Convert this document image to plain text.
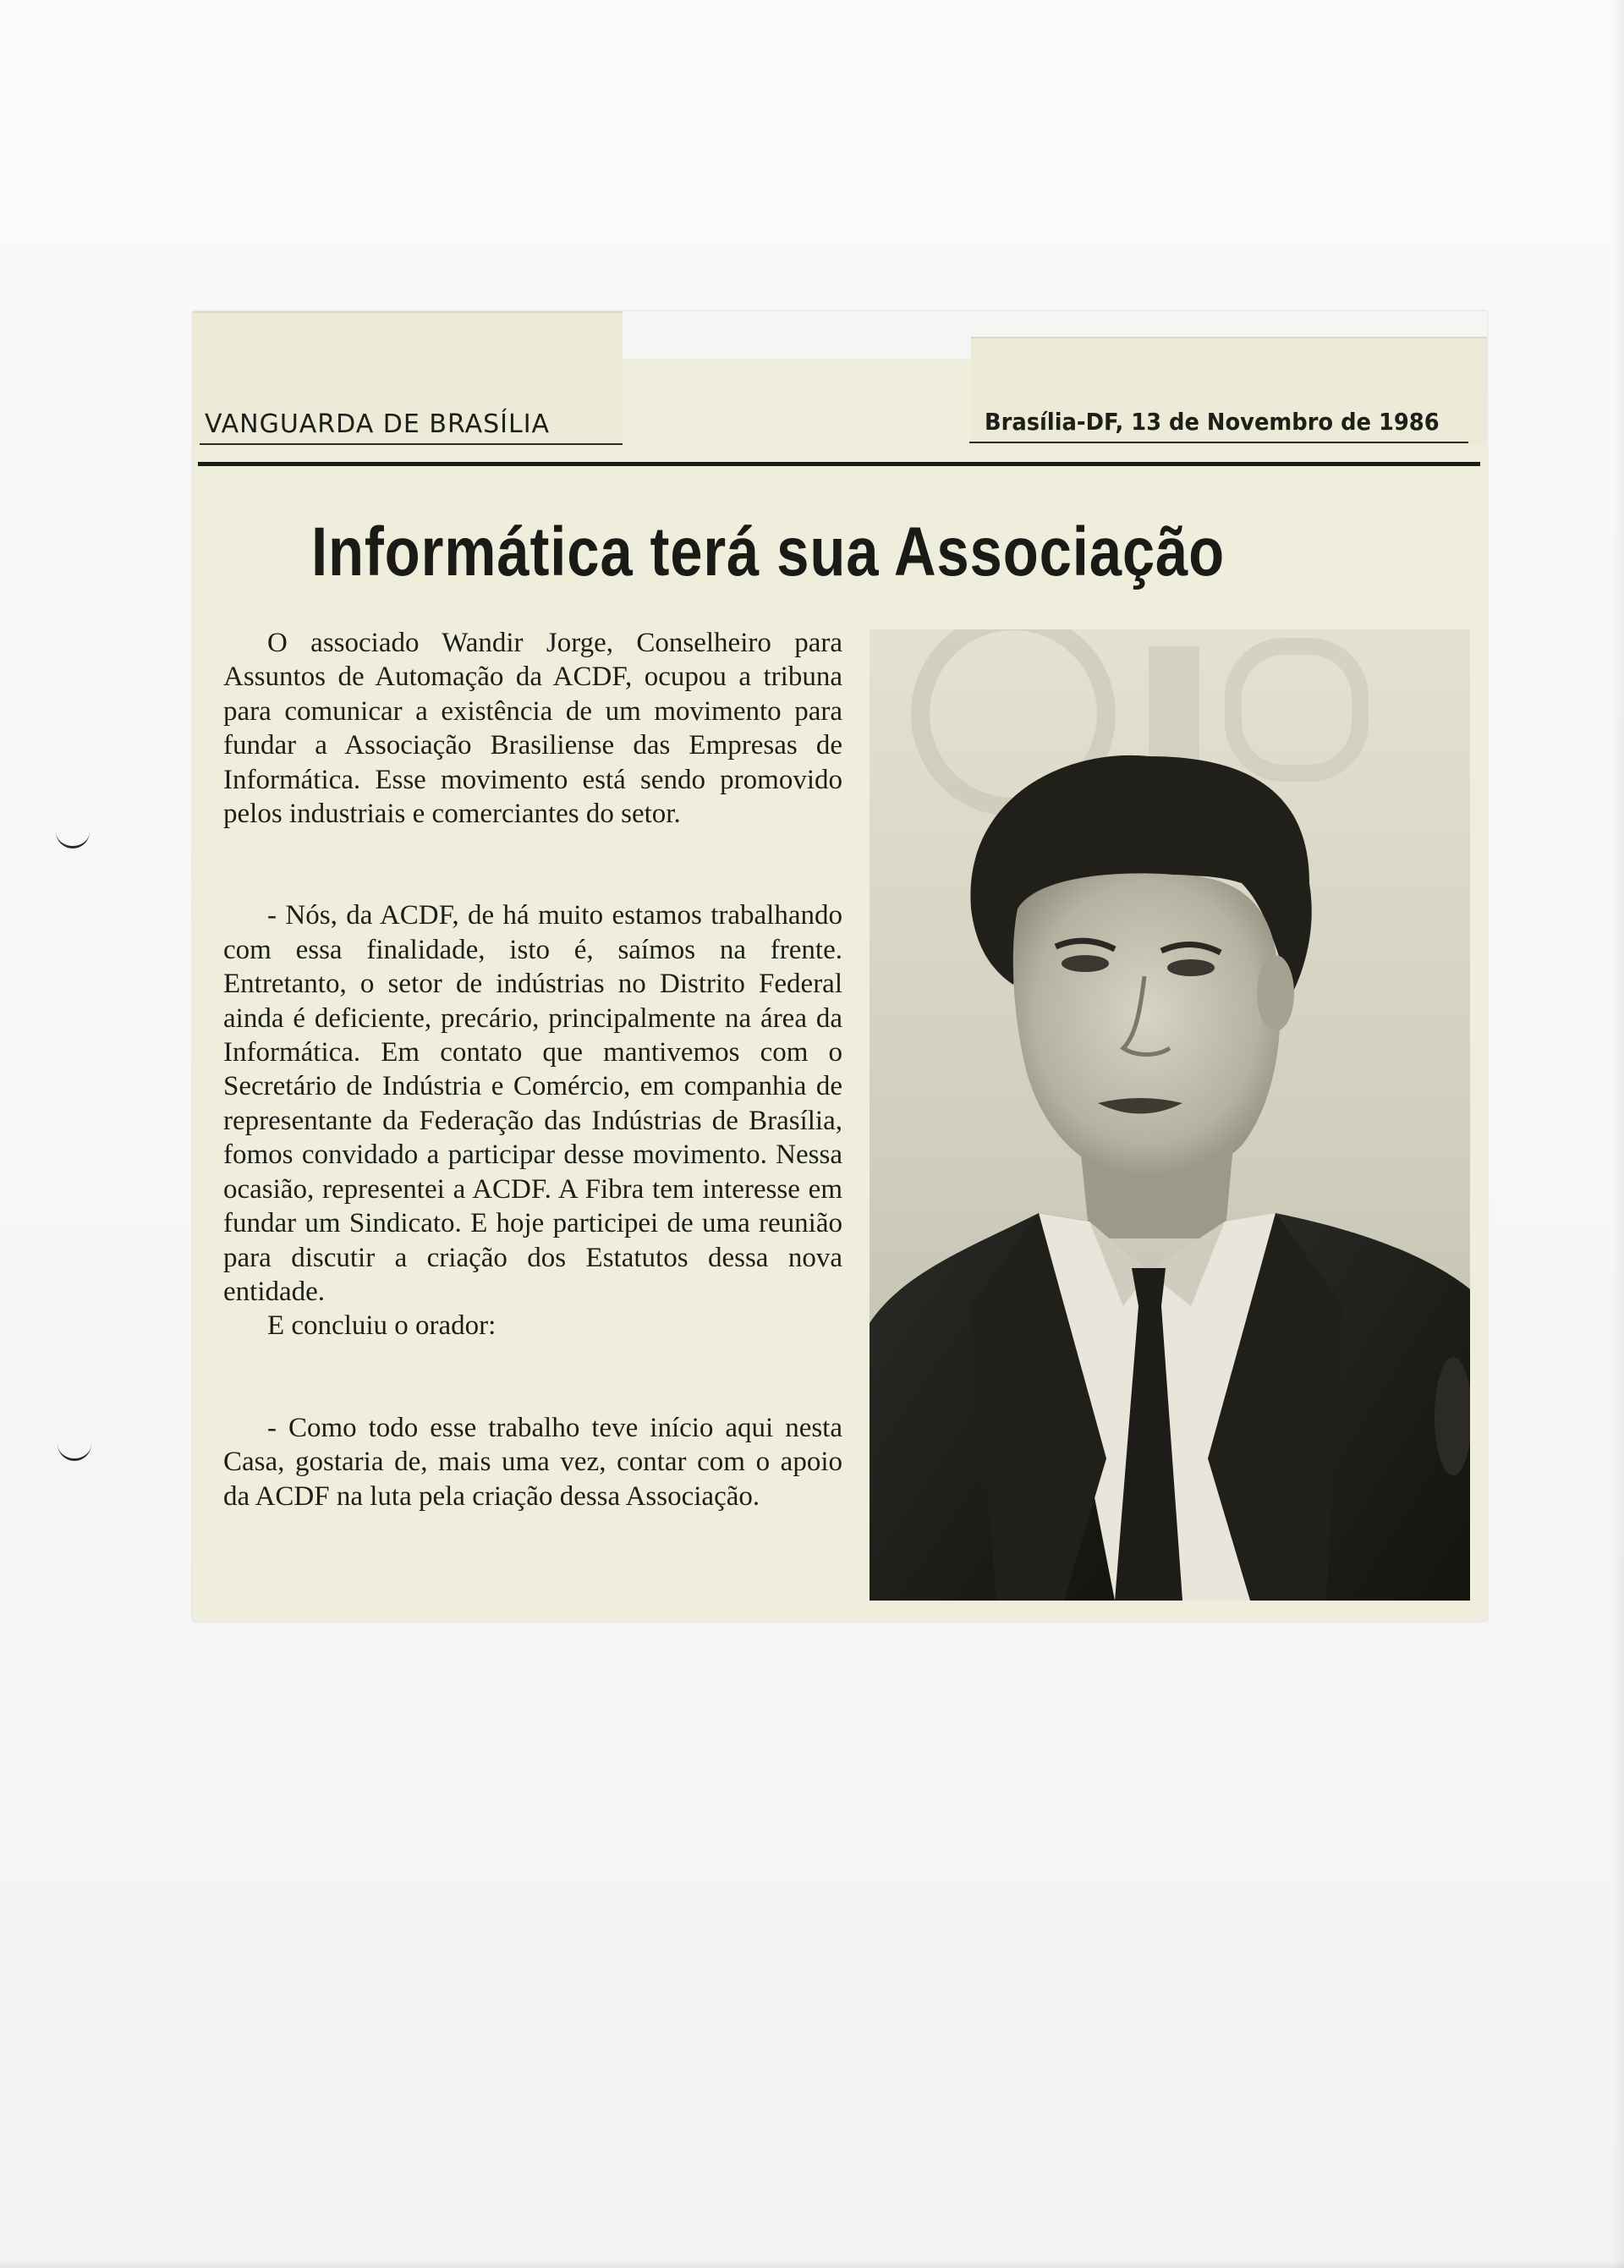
VANGUARDA DE BRASÍLIA	Brasília-DF, 13 de Novembro de 1986
Informática terá sua Associação

O associado Wandir Jorge, Conselheiro para Assuntos de Automação da ACDF, ocupou a tribuna para comunicar a existência de um movimento para fundar a Associação Brasiliense das Empresas de Informática. Esse movimento está sendo promovido pelos industriais e comerciantes do setor.

- Nós, da ACDF, de há muito estamos trabalhando com essa finalidade, isto é, saímos na frente. Entretanto, o setor de indústrias no Distrito Federal ainda é deficiente, precário, principalmente na área da Informática. Em contato que mantivemos com o Secretário de Indústria e Comércio, em companhia de representante da Federação das Indústrias de Brasília, fomos convidado a participar desse movimento. Nessa ocasião, representei a ACDF. A Fibra tem interesse em fundar um Sindicato. E hoje participei de uma reunião para discutir a criação dos Estatutos dessa nova entidade.

E concluiu o orador:

- Como todo esse trabalho teve início aqui nesta Casa, gostaria de, mais uma vez, contar com o apoio da ACDF na luta pela criação dessa Associação.
